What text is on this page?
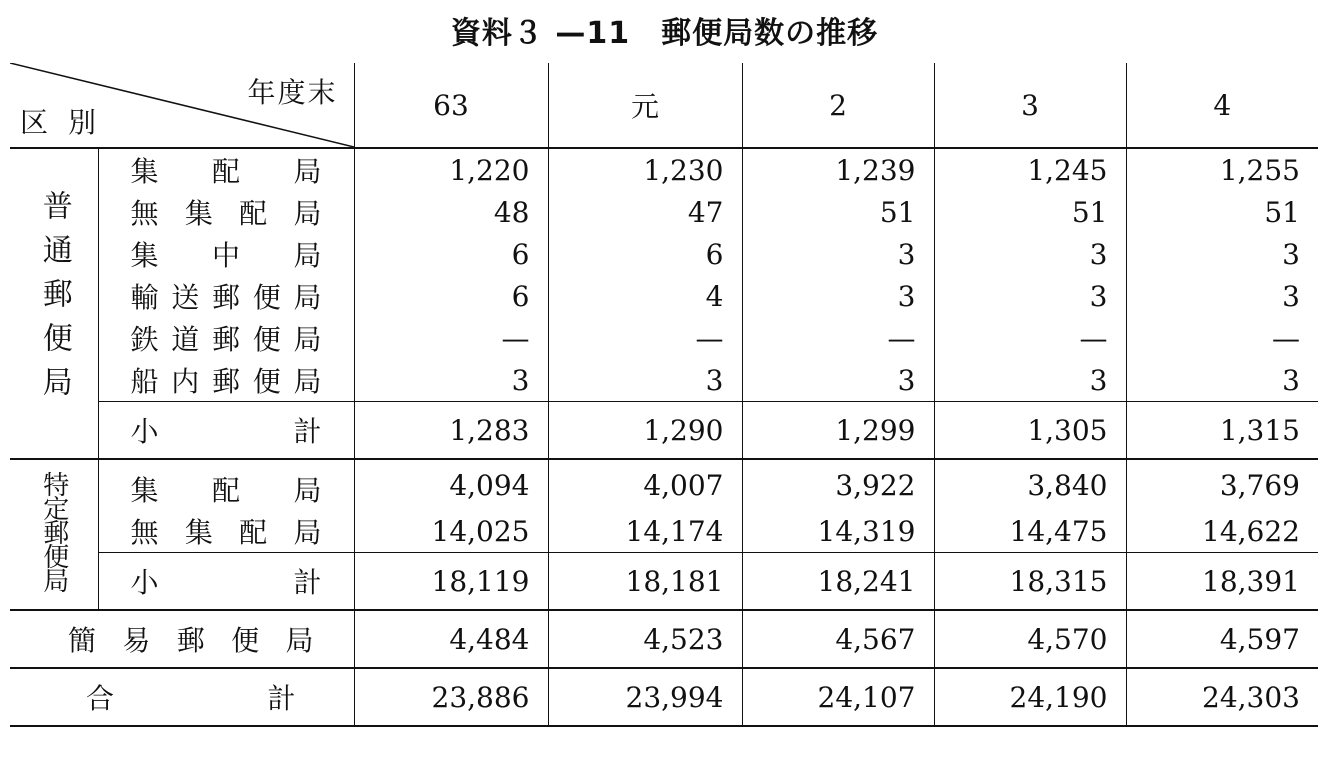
資料３ —11　郵便局数の推移
年度末
区別		63	元	2	3	4
普通郵便局	集配局	1,220	1,230	1,239	1,245	1,255
	無集配局	48	47	51	51	51
	集中局	6	6	3	3	3
	輸送郵便局	6	4	3	3	3
	鉄道郵便局	—	—	—	—	—
	船内郵便局	3	3	3	3	3
	小計	1,283	1,290	1,299	1,305	1,315
特定郵便局	集配局	4,094	4,007	3,922	3,840	3,769
	無集配局	14,025	14,174	14,319	14,475	14,622
	小計	18,119	18,181	18,241	18,315	18,391
簡易郵便局		4,484	4,523	4,567	4,570	4,597
合計		23,886	23,994	24,107	24,190	24,303
